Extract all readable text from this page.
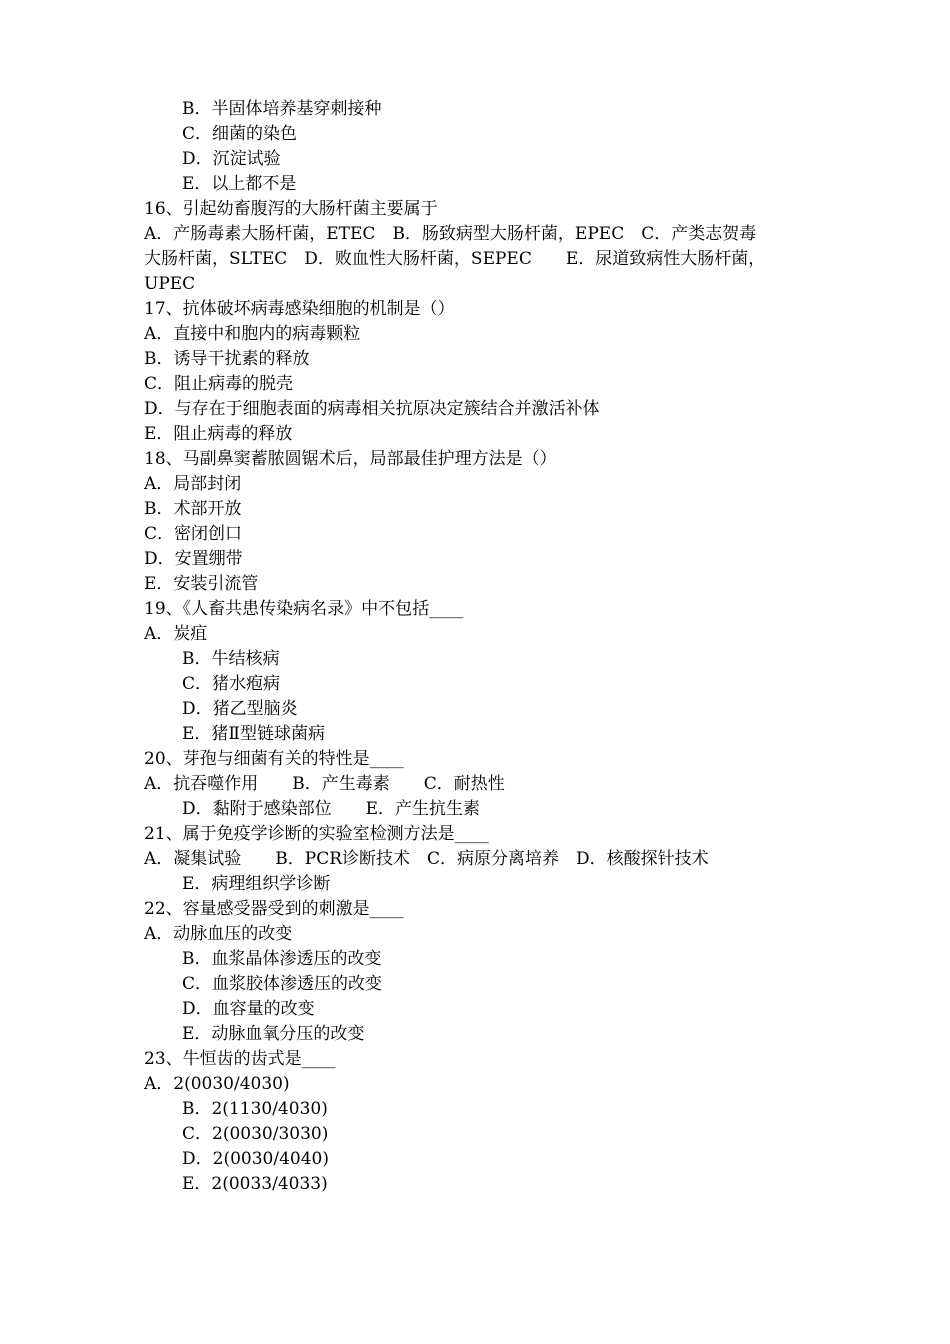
B．半固体培养基穿刺接种
C．细菌的染色
D．沉淀试验
E．以上都不是
16、引起幼畜腹泻的大肠杆菌主要属于
A．产肠毒素大肠杆菌，ETEC　B．肠致病型大肠杆菌，EPEC　C．产类志贺毒
大肠杆菌，SLTEC　D．败血性大肠杆菌，SEPEC　　E．尿道致病性大肠杆菌，
UPEC
17、抗体破坏病毒感染细胞的机制是（）
A．直接中和胞内的病毒颗粒
B．诱导干扰素的释放
C．阻止病毒的脱壳
D．与存在于细胞表面的病毒相关抗原决定簇结合并激活补体
E．阻止病毒的释放
18、马副鼻窦蓄脓圆锯术后，局部最佳护理方法是（）
A．局部封闭
B．术部开放
C．密闭创口
D．安置绷带
E．安装引流管
19、《人畜共患传染病名录》中不包括____
A．炭疽
B．牛结核病
C．猪水疱病
D．猪乙型脑炎
E．猪Ⅱ型链球菌病
20、芽孢与细菌有关的特性是____
A．抗吞噬作用　　B．产生毒素　　C．耐热性
D．黏附于感染部位　　E．产生抗生素
21、属于免疫学诊断的实验室检测方法是____
A．凝集试验　　B．PCR诊断技术　C．病原分离培养　D．核酸探针技术
E．病理组织学诊断
22、容量感受器受到的刺激是____
A．动脉血压的改变
B．血浆晶体渗透压的改变
C．血浆胶体渗透压的改变
D．血容量的改变
E．动脉血氧分压的改变
23、牛恒齿的齿式是____
A．2(0030/4030)
B．2(1130/4030)
C．2(0030/3030)
D．2(0030/4040)
E．2(0033/4033)
